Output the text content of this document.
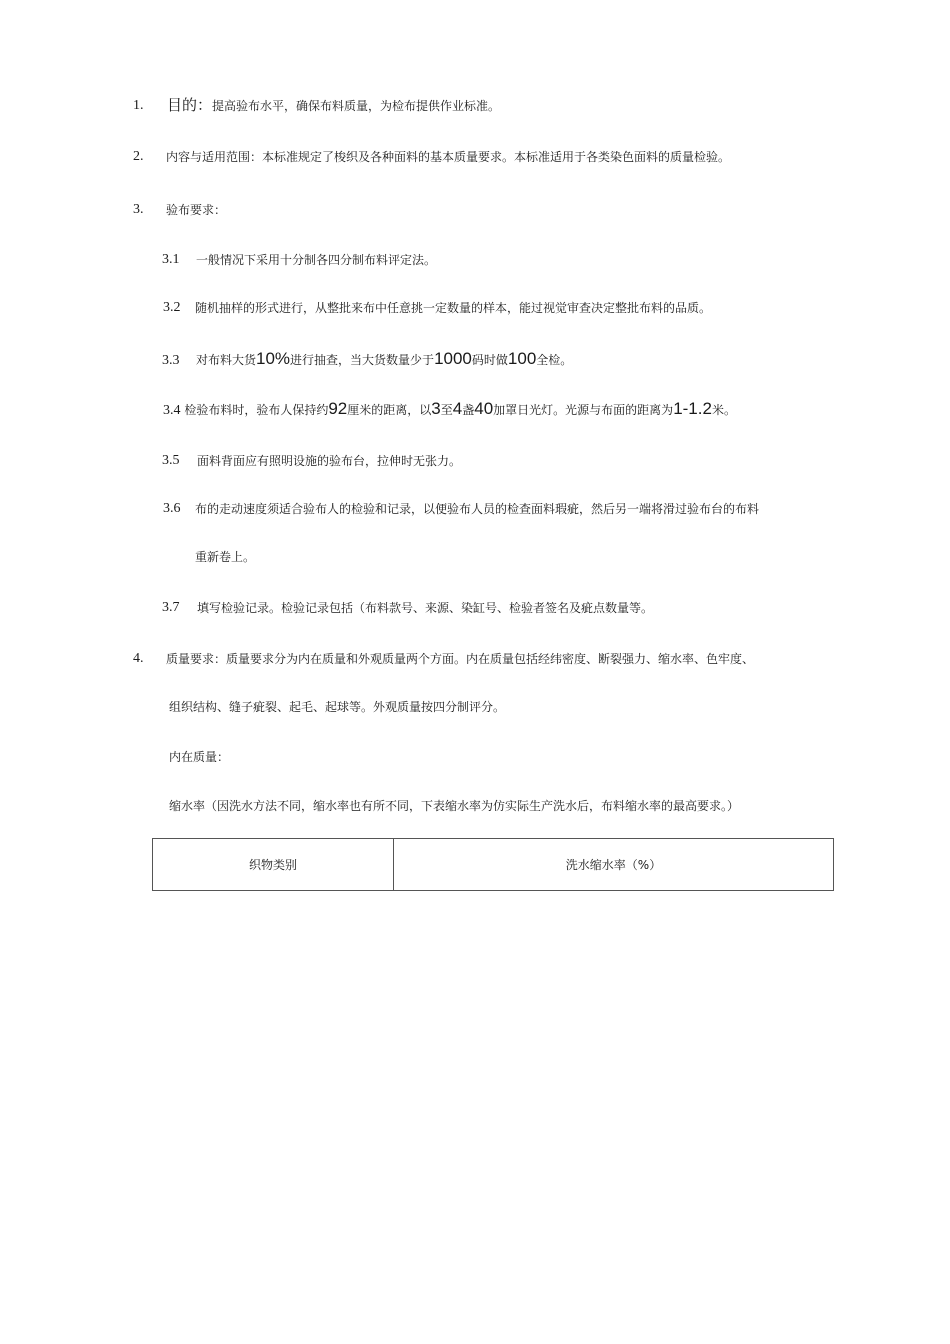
1. 目的：提高验布水平，确保布料质量，为检布提供作业标准。
2. 内容与适用范围：本标准规定了梭织及各种面料的基本质量要求。本标准适用于各类染色面料的质量检验。
3. 验布要求：
3.1 一般情况下采用十分制各四分制布料评定法。
3.2 随机抽样的形式进行，从整批来布中任意挑一定数量的样本，能过视觉审查决定整批布料的品质。
3.3 对布料大货10%进行抽查，当大货数量少于1000码时做100全检。
3.4 检验布料时，验布人保持约92厘米的距离，以3至4盏40加罩日光灯。光源与布面的距离为1-1.2米。
3.5 面料背面应有照明设施的验布台，拉伸时无张力。
3.6 布的走动速度须适合验布人的检验和记录，以便验布人员的检查面料瑕疵，然后另一端将滑过验布台的布料
重新卷上。
3.7 填写检验记录。检验记录包括（布料款号、来源、染缸号、检验者签名及疵点数量等。
4. 质量要求：质量要求分为内在质量和外观质量两个方面。内在质量包括经纬密度、断裂强力、缩水率、色牢度、
组织结构、缝子疵裂、起毛、起球等。外观质量按四分制评分。
内在质量：
缩水率（因洗水方法不同，缩水率也有所不同，下表缩水率为仿实际生产洗水后，布料缩水率的最高要求。）
织物类别	洗水缩水率（%）
